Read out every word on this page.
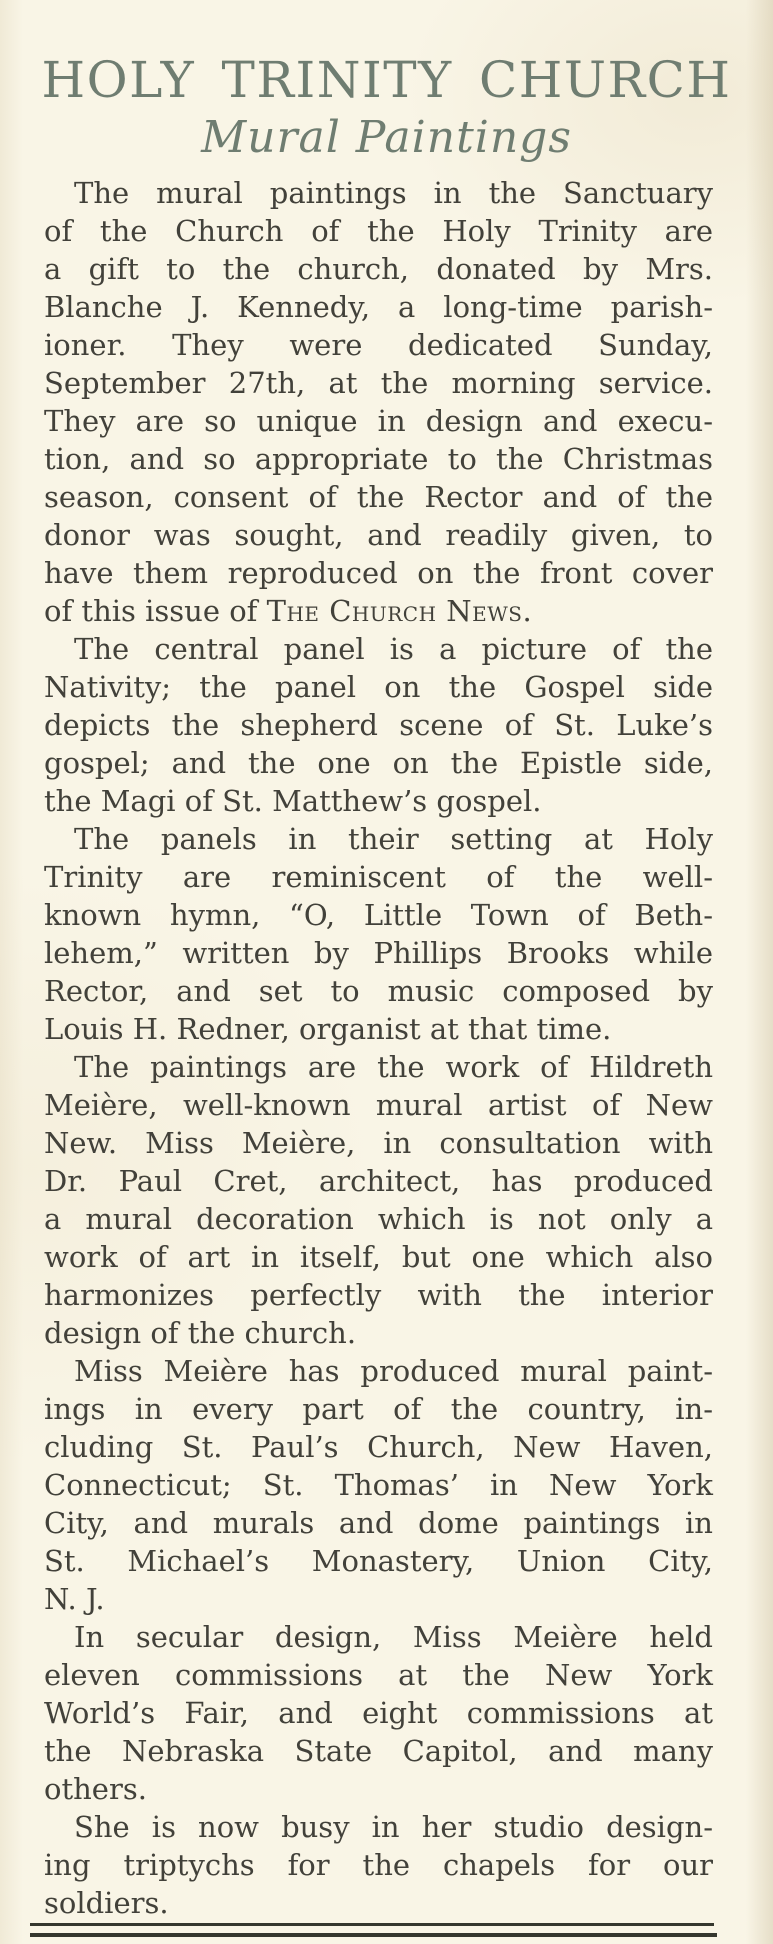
HOLY TRINITY CHURCH
Mural Paintings
The mural paintings in the Sanctuary
of the Church of the Holy Trinity are
a gift to the church, donated by Mrs.
Blanche J. Kennedy, a long-time parish-
ioner. They were dedicated Sunday,
September 27th, at the morning service.
They are so unique in design and execu-
tion, and so appropriate to the Christmas
season, consent of the Rector and of the
donor was sought, and readily given, to
have them reproduced on the front cover
of this issue of The Church News.
The central panel is a picture of the
Nativity; the panel on the Gospel side
depicts the shepherd scene of St. Luke’s
gospel; and the one on the Epistle side,
the Magi of St. Matthew’s gospel.
The panels in their setting at Holy
Trinity are reminiscent of the well-
known hymn, “O, Little Town of Beth-
lehem,” written by Phillips Brooks while
Rector, and set to music composed by
Louis H. Redner, organist at that time.
The paintings are the work of Hildreth
Meière, well-known mural artist of New
New. Miss Meière, in consultation with
Dr. Paul Cret, architect, has produced
a mural decoration which is not only a
work of art in itself, but one which also
harmonizes perfectly with the interior
design of the church.
Miss Meière has produced mural paint-
ings in every part of the country, in-
cluding St. Paul’s Church, New Haven,
Connecticut; St. Thomas’ in New York
City, and murals and dome paintings in
St. Michael’s Monastery, Union City,
N. J.
In secular design, Miss Meière held
eleven commissions at the New York
World’s Fair, and eight commissions at
the Nebraska State Capitol, and many
others.
She is now busy in her studio design-
ing triptychs for the chapels for our
soldiers.
